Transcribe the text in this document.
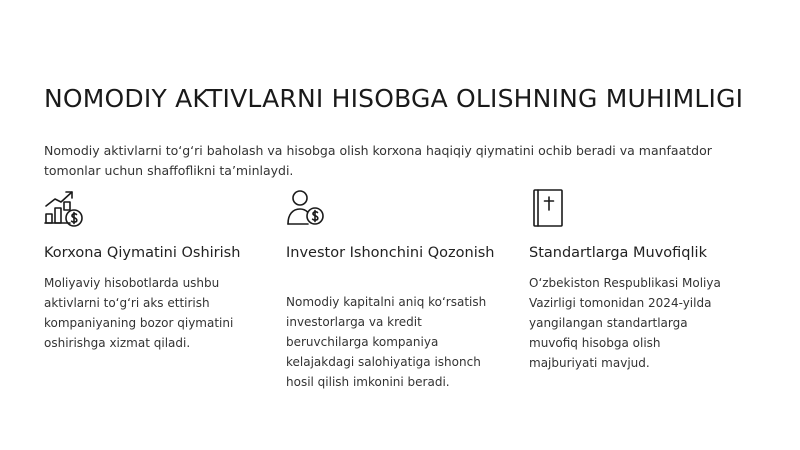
NOMODIY AKTIVLARNI HISOBGA OLISHNING MUHIMLIGI

Nomodiy aktivlarni to‘g‘ri baholash va hisobga olish korxona haqiqiy qiymatini ochib beradi va manfaatdor tomonlar uchun shaffoflikni ta’minlaydi.

Korxona Qiymatini Oshirish

Moliyaviy hisobotlarda ushbu aktivlarni to‘g‘ri aks ettirish kompaniyaning bozor qiymatini oshirishga xizmat qiladi.

Investor Ishonchini Qozonish

Nomodiy kapitalni aniq ko‘rsatish investorlarga va kredit beruvchilarga kompaniya kelajakdagi salohiyatiga ishonch hosil qilish imkonini beradi.

Standartlarga Muvofiqlik

O‘zbekiston Respublikasi Moliya Vazirligi tomonidan 2024-yilda yangilangan standartlarga muvofiq hisobga olish majburiyati mavjud.
